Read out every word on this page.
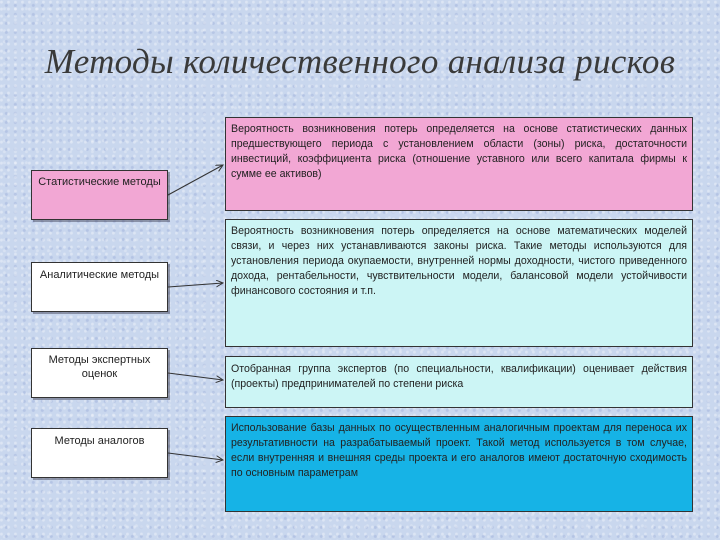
Методы количественного анализа рисков
Статистические методы
Аналитические методы
Методы экспертных оценок
Методы аналогов
Вероятность возникновения потерь определяется на основе статистических данных предшествующего периода с установлением области (зоны) риска, достаточности инвестиций, коэффициента риска (отношение уставного или всего капитала фирмы к сумме ее активов)
Вероятность возникновения потерь определяется на основе математических моделей связи, и через них устанавливаются законы риска. Такие методы используются для установления периода окупаемости, внутренней нормы доходности, чистого приведенного дохода, рентабельности, чувствительности модели, балансовой модели устойчивости финансового состояния и т.п.
Отобранная группа экспертов (по специальности, квалификации) оценивает действия (проекты) предпринимателей по степени риска
Использование базы данных по осуществленным аналогичным проектам для переноса их результативности на разрабатываемый проект. Такой метод используется в том случае, если внутренняя и внешняя среды проекта и его аналогов имеют достаточную сходимость по основным параметрам
